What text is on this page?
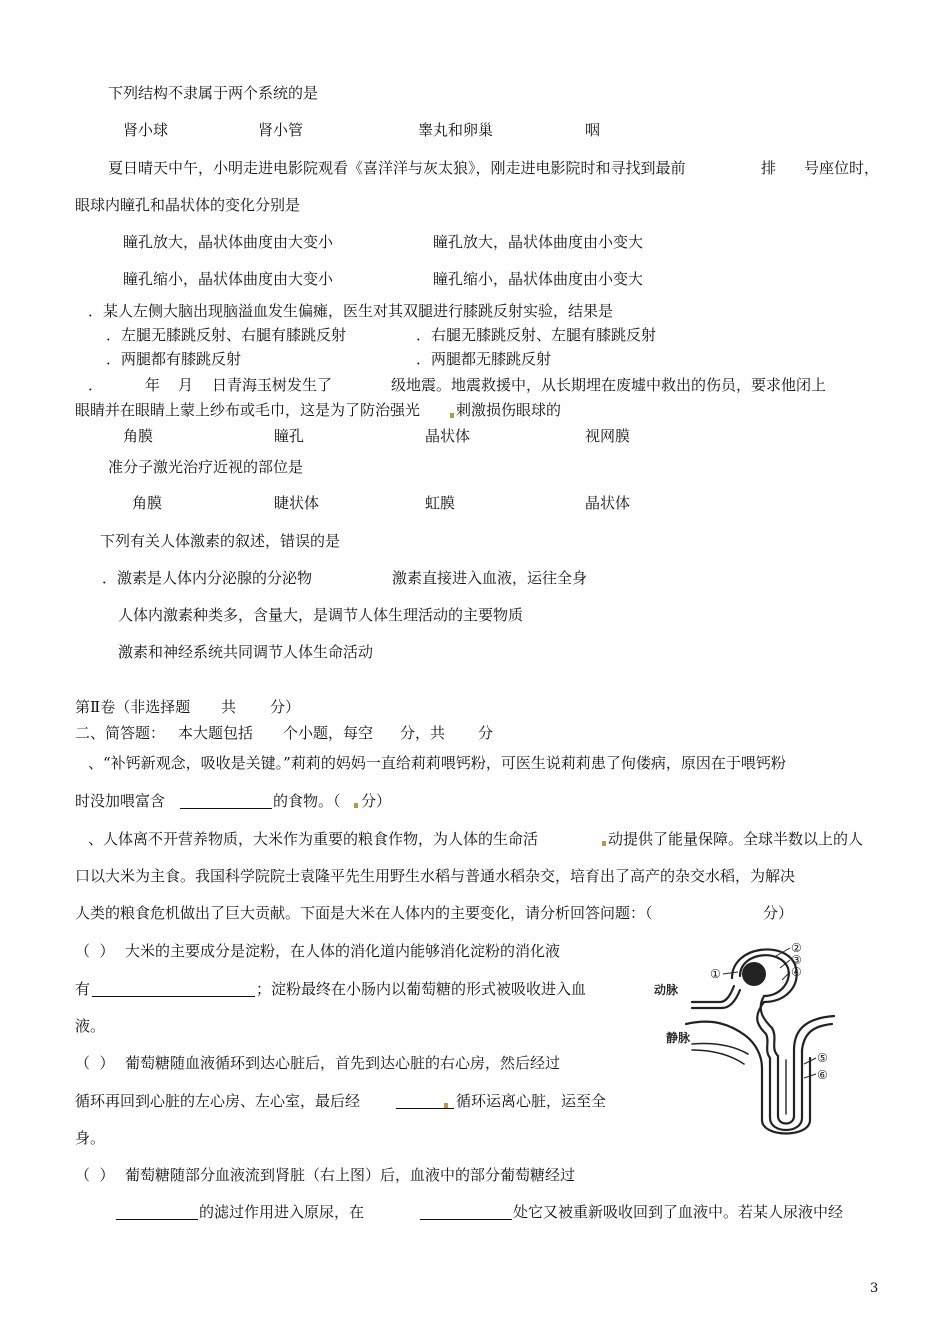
下列结构不隶属于两个系统的是
肾小球	肾小管	睾丸和卵巢	咽
夏日晴天中午，小明走进电影院观看《喜洋洋与灰太狼》，刚走进电影院时和寻找到最前	排 号座位时，
眼球内瞳孔和晶状体的变化分别是
瞳孔放大，晶状体曲度由大变小	瞳孔放大，晶状体曲度由小变大
瞳孔缩小，晶状体曲度由大变小	瞳孔缩小，晶状体曲度由小变大
．某人左侧大脑出现脑溢血发生偏瘫，医生对其双腿进行膝跳反射实验，结果是
．左腿无膝跳反射、右腿有膝跳反射	．右腿无膝跳反射、左腿有膝跳反射
．两腿都有膝跳反射	．两腿都无膝跳反射
．	年 月 日青海玉树发生了	级地震。地震救援中，从长期埋在废墟中救出的伤员，要求他闭上
眼睛并在眼睛上蒙上纱布或毛巾，这是为了防治强光 刺激损伤眼球的
角膜	瞳孔	晶状体	视网膜
准分子激光治疗近视的部位是
角膜	睫状体	虹膜	晶状体
下列有关人体激素的叙述，错误的是
．激素是人体内分泌腺的分泌物	激素直接进入血液，运往全身
人体内激素种类多，含量大，是调节人体生理活动的主要物质
激素和神经系统共同调节人体生命活动
第Ⅱ卷（非选择题 共 分）
二、简答题： 本大题包括 个小题，每空 分，共 分
、“补钙新观念，吸收是关键。”莉莉的妈妈一直给莉莉喂钙粉，可医生说莉莉患了佝偻病，原因在于喂钙粉
时没加喂富含	的食物。（ 分）
、人体离不开营养物质，大米作为重要的粮食作物，为人体的生命活	动提供了能量保障。全球半数以上的人
口以大米为主食。我国科学院院士袁隆平先生用野生水稻与普通水稻杂交，培育出了高产的杂交水稻，为解决
人类的粮食危机做出了巨大贡献。下面是大米在人体内的主要变化，请分析回答问题：（	分）
（  ） 大米的主要成分是淀粉，在人体的消化道内能够消化淀粉的消化液
有	；淀粉最终在小肠内以葡萄糖的形式被吸收进入血
液。
（  ） 葡萄糖随血液循环到达心脏后，首先到达心脏的右心房，然后经过
循环再回到心脏的左心房、左心室，最后经	循环运离心脏，运至全
身。
（  ） 葡萄糖随部分血液流到肾脏（右上图）后，血液中的部分葡萄糖经过
的滤过作用进入原尿，在	处它又被重新吸收回到了血液中。若某人尿液中经
①
②
③
④
⑤
⑥
动脉
静脉
3
